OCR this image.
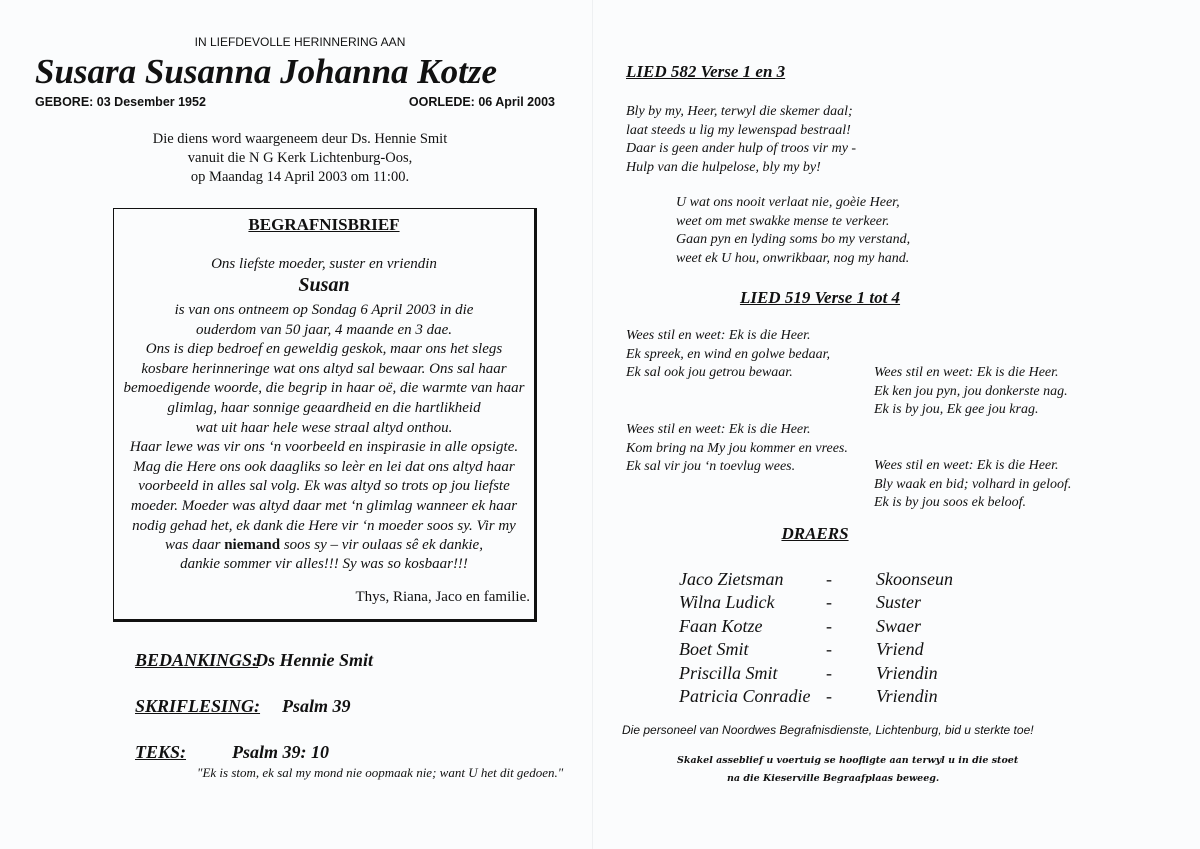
IN LIEFDEVOLLE HERINNERING AAN
Susara Susanna Johanna Kotze
GEBORE: 03 Desember 1952	OORLEDE: 06 April 2003
Die diens word waargeneem deur Ds. Hennie Smit
vanuit die N G Kerk Lichtenburg-Oos,
op Maandag 14 April 2003 om 11:00.
BEGRAFNISBRIEF
Ons liefste moeder, suster en vriendin
Susan
is van ons ontneem op Sondag 6 April 2003 in die
ouderdom van 50 jaar, 4 maande en 3 dae.
Ons is diep bedroef en geweldig geskok, maar ons het slegs
kosbare herinneringe wat ons altyd sal bewaar. Ons sal haar
bemoedigende woorde, die begrip in haar oë, die warmte van haar
glimlag, haar sonnige geaardheid en die hartlikheid
wat uit haar hele wese straal altyd onthou.
Haar lewe was vir ons ‘n voorbeeld en inspirasie in alle opsigte.
Mag die Here ons ook daagliks so leèr en lei dat ons altyd haar
voorbeeld in alles sal volg. Ek was altyd so trots op jou liefste
moeder. Moeder was altyd daar met ‘n glimlag wanneer ek haar
nodig gehad het, ek dank die Here vir ‘n moeder soos sy. Vir my
was daar niemand soos sy – vir oulaas sê ek dankie,
dankie sommer vir alles!!! Sy was so kosbaar!!!
Thys, Riana, Jaco en familie.
BEDANKINGS:
Ds Hennie Smit
SKRIFLESING: Psalm 39
TEKS:	Psalm 39: 10
"Ek is stom, ek sal my mond nie oopmaak nie; want U het dit gedoen."
LIED 582 Verse 1 en 3
Bly by my, Heer, terwyl die skemer daal;
laat steeds u lig my lewenspad bestraal!
Daar is geen ander hulp of troos vir my -
Hulp van die hulpelose, bly my by!
U wat ons nooit verlaat nie, goèie Heer,
weet om met swakke mense te verkeer.
Gaan pyn en lyding soms bo my verstand,
weet ek U hou, onwrikbaar, nog my hand.
LIED 519 Verse 1 tot 4
Wees stil en weet: Ek is die Heer.
Ek spreek, en wind en golwe bedaar,
Ek sal ook jou getrou bewaar.	Wees stil en weet: Ek is die Heer.
Ek ken jou pyn, jou donkerste nag.
Ek is by jou, Ek gee jou krag.
Wees stil en weet: Ek is die Heer.
Kom bring na My jou kommer en vrees.
Ek sal vir jou ‘n toevlug wees.	Wees stil en weet: Ek is die Heer.
Bly waak en bid; volhard in geloof.
Ek is by jou soos ek beloof.
DRAERS
Jaco Zietsman - Skoonseun
Wilna Ludick	- Suster
Faan Kotze	- Swaer
Boet Smit	- Vriend
Priscilla Smit	- Vriendin
Patricia Conradie - Vriendin
Die personeel van Noordwes Begrafnisdienste, Lichtenburg, bid u sterkte toe!
Skakel asseblief u voertuig se hoofligte aan terwyl u in die stoet
na die Kieserville Begraafplaas beweeg.
